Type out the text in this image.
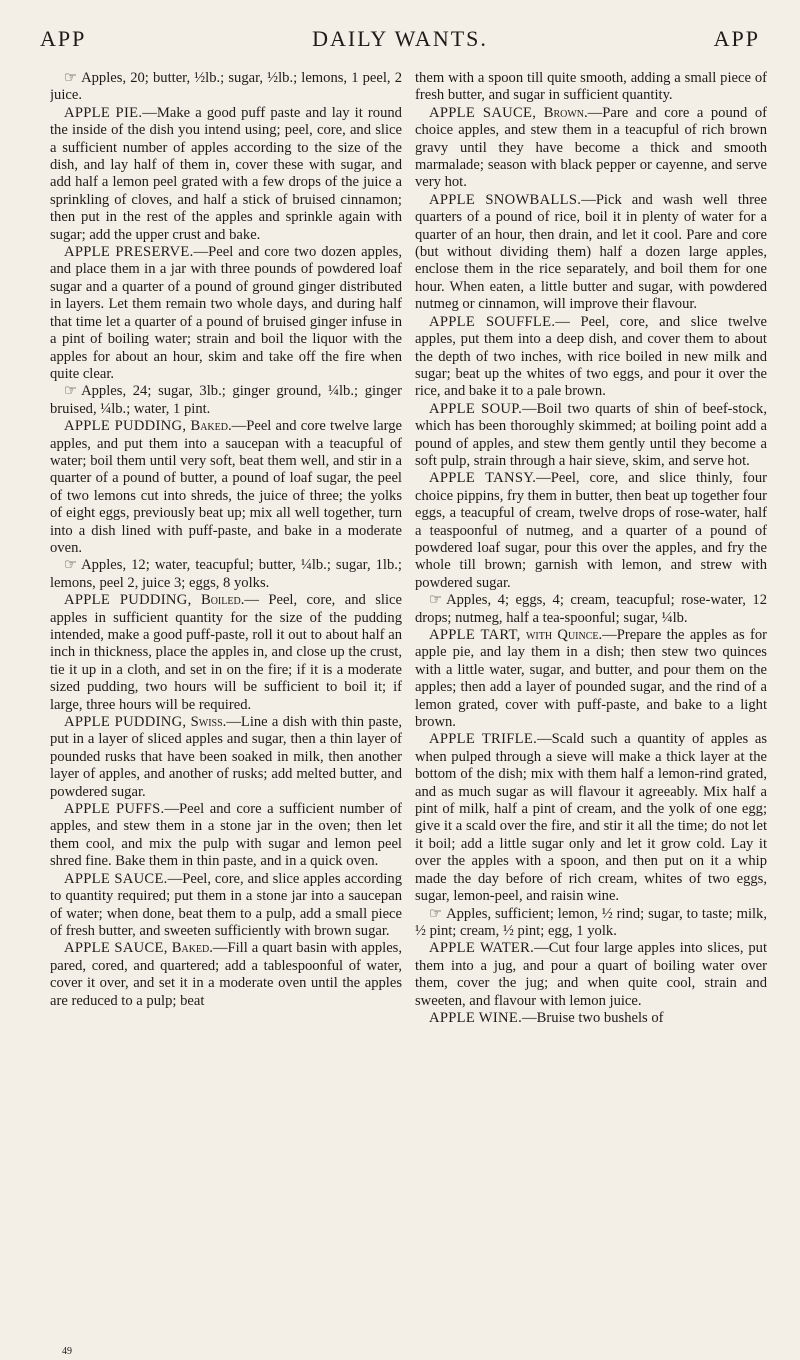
APP	DAILY WANTS.	APP

☞ Apples, 20; butter, ½lb.; sugar, ½lb.; lemons, 1 peel, 2 juice.

APPLE PIE.—Make a good puff paste and lay it round the inside of the dish you intend using; peel, core, and slice a sufficient number of apples according to the size of the dish, and lay half of them in, cover these with sugar, and add half a lemon peel grated with a few drops of the juice a sprinkling of cloves, and half a stick of bruised cinnamon; then put in the rest of the apples and sprinkle again with sugar; add the upper crust and bake.

APPLE PRESERVE.—Peel and core two dozen apples, and place them in a jar with three pounds of powdered loaf sugar and a quarter of a pound of ground ginger distributed in layers. Let them remain two whole days, and during half that time let a quarter of a pound of bruised ginger infuse in a pint of boiling water; strain and boil the liquor with the apples for about an hour, skim and take off the fire when quite clear.

☞ Apples, 24; sugar, 3lb.; ginger ground, ¼lb.; ginger bruised, ¼lb.; water, 1 pint.

APPLE PUDDING, Baked.—Peel and core twelve large apples, and put them into a saucepan with a teacupful of water; boil them until very soft, beat them well, and stir in a quarter of a pound of butter, a pound of loaf sugar, the peel of two lemons cut into shreds, the juice of three; the yolks of eight eggs, previously beat up; mix all well together, turn into a dish lined with puff-paste, and bake in a moderate oven.

☞ Apples, 12; water, teacupful; butter, ¼lb.; sugar, 1lb.; lemons, peel 2, juice 3; eggs, 8 yolks.

APPLE PUDDING, Boiled.— Peel, core, and slice apples in sufficient quantity for the size of the pudding intended, make a good puff-paste, roll it out to about half an inch in thickness, place the apples in, and close up the crust, tie it up in a cloth, and set in on the fire; if it is a moderate sized pudding, two hours will be sufficient to boil it; if large, three hours will be required.

APPLE PUDDING, Swiss.—Line a dish with thin paste, put in a layer of sliced apples and sugar, then a thin layer of pounded rusks that have been soaked in milk, then another layer of apples, and another of rusks; add melted butter, and powdered sugar.

APPLE PUFFS.—Peel and core a sufficient number of apples, and stew them in a stone jar in the oven; then let them cool, and mix the pulp with sugar and lemon peel shred fine. Bake them in thin paste, and in a quick oven.

APPLE SAUCE.—Peel, core, and slice apples according to quantity required; put them in a stone jar into a saucepan of water; when done, beat them to a pulp, add a small piece of fresh butter, and sweeten sufficiently with brown sugar.

APPLE SAUCE, Baked.—Fill a quart basin with apples, pared, cored, and quartered; add a tablespoonful of water, cover it over, and set it in a moderate oven until the apples are reduced to a pulp; beat

them with a spoon till quite smooth, adding a small piece of fresh butter, and sugar in sufficient quantity.

APPLE SAUCE, Brown.—Pare and core a pound of choice apples, and stew them in a teacupful of rich brown gravy until they have become a thick and smooth marmalade; season with black pepper or cayenne, and serve very hot.

APPLE SNOWBALLS.—Pick and wash well three quarters of a pound of rice, boil it in plenty of water for a quarter of an hour, then drain, and let it cool. Pare and core (but without dividing them) half a dozen large apples, enclose them in the rice separately, and boil them for one hour. When eaten, a little butter and sugar, with powdered nutmeg or cinnamon, will improve their flavour.

APPLE SOUFFLE.— Peel, core, and slice twelve apples, put them into a deep dish, and cover them to about the depth of two inches, with rice boiled in new milk and sugar; beat up the whites of two eggs, and pour it over the rice, and bake it to a pale brown.

APPLE SOUP.—Boil two quarts of shin of beef-stock, which has been thoroughly skimmed; at boiling point add a pound of apples, and stew them gently until they become a soft pulp, strain through a hair sieve, skim, and serve hot.

APPLE TANSY.—Peel, core, and slice thinly, four choice pippins, fry them in butter, then beat up together four eggs, a teacupful of cream, twelve drops of rose-water, half a teaspoonful of nutmeg, and a quarter of a pound of powdered loaf sugar, pour this over the apples, and fry the whole till brown; garnish with lemon, and strew with powdered sugar.

☞ Apples, 4; eggs, 4; cream, teacupful; rose-water, 12 drops; nutmeg, half a tea-spoonful; sugar, ¼lb.

APPLE TART, with Quince.—Prepare the apples as for apple pie, and lay them in a dish; then stew two quinces with a little water, sugar, and butter, and pour them on the apples; then add a layer of pounded sugar, and the rind of a lemon grated, cover with puff-paste, and bake to a light brown.

APPLE TRIFLE.—Scald such a quantity of apples as when pulped through a sieve will make a thick layer at the bottom of the dish; mix with them half a lemon-rind grated, and as much sugar as will flavour it agreeably. Mix half a pint of milk, half a pint of cream, and the yolk of one egg; give it a scald over the fire, and stir it all the time; do not let it boil; add a little sugar only and let it grow cold. Lay it over the apples with a spoon, and then put on it a whip made the day before of rich cream, whites of two eggs, sugar, lemon-peel, and raisin wine.

☞ Apples, sufficient; lemon, ½ rind; sugar, to taste; milk, ½ pint; cream, ½ pint; egg, 1 yolk.

APPLE WATER.—Cut four large apples into slices, put them into a jug, and pour a quart of boiling water over them, cover the jug; and when quite cool, strain and sweeten, and flavour with lemon juice.

APPLE WINE.—Bruise two bushels of

49
